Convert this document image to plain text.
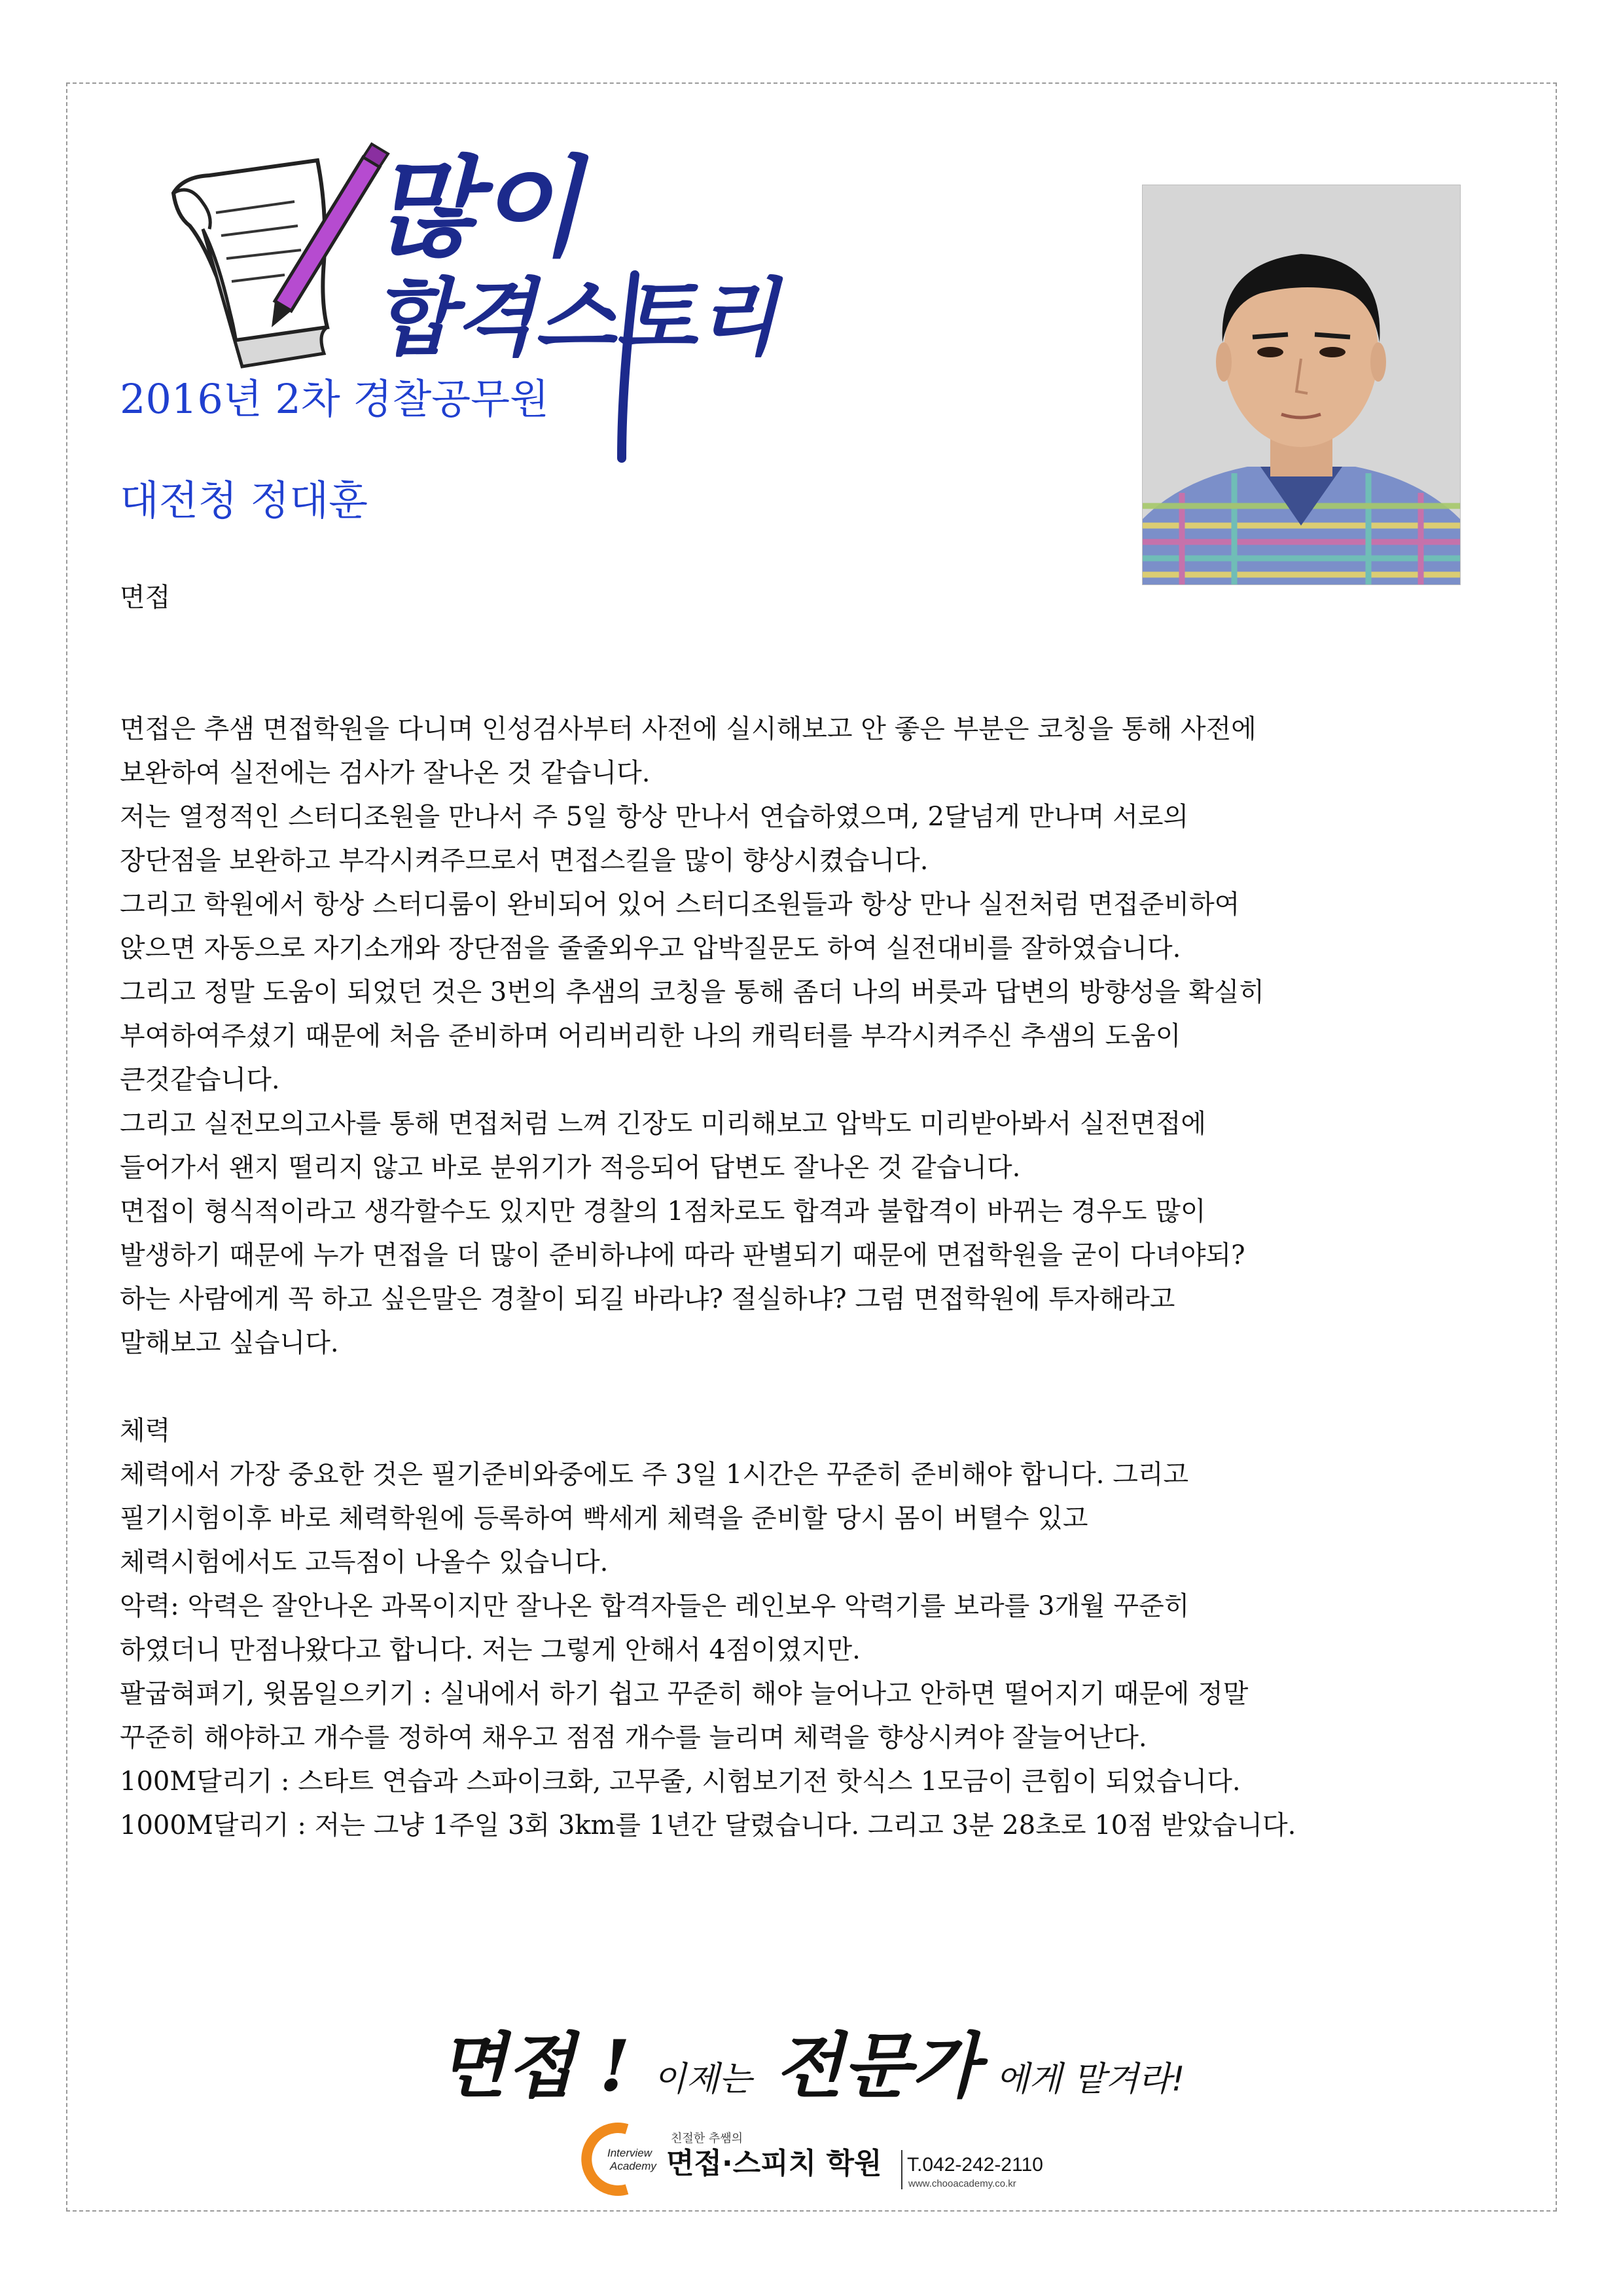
많이
합격스토리
2016년 2차 경찰공무원
대전청 정대훈

면접

면접은 추샘 면접학원을 다니며 인성검사부터 사전에 실시해보고 안 좋은 부분은 코칭을 통해 사전에

보완하여 실전에는 검사가 잘나온 것 같습니다.

저는 열정적인 스터디조원을 만나서 주 5일 항상 만나서 연습하였으며, 2달넘게 만나며 서로의

장단점을 보완하고 부각시켜주므로서 면접스킬을 많이 향상시켰습니다.

그리고 학원에서 항상 스터디룸이 완비되어 있어 스터디조원들과 항상 만나 실전처럼 면접준비하여

앉으면 자동으로 자기소개와 장단점을 줄줄외우고 압박질문도 하여 실전대비를 잘하였습니다.

그리고 정말 도움이 되었던 것은 3번의 추샘의 코칭을 통해 좀더 나의 버릇과 답변의 방향성을 확실히

부여하여주셨기 때문에 처음 준비하며 어리버리한 나의 캐릭터를 부각시켜주신 추샘의 도움이

큰것같습니다.

그리고 실전모의고사를 통해 면접처럼 느껴 긴장도 미리해보고 압박도 미리받아봐서 실전면접에

들어가서 왠지 떨리지 않고 바로 분위기가 적응되어 답변도 잘나온 것 같습니다.

면접이 형식적이라고 생각할수도 있지만 경찰의 1점차로도 합격과 불합격이 바뀌는 경우도 많이

발생하기 때문에 누가 면접을 더 많이 준비하냐에 따라 판별되기 때문에 면접학원을 굳이 다녀야되?

하는 사람에게 꼭 하고 싶은말은 경찰이 되길 바라냐? 절실하냐? 그럼 면접학원에 투자해라고

말해보고 싶습니다.

체력

체력에서 가장 중요한 것은 필기준비와중에도 주 3일 1시간은 꾸준히 준비해야 합니다. 그리고

필기시험이후 바로 체력학원에 등록하여 빡세게 체력을 준비할 당시 몸이 버텰수 있고

체력시험에서도 고득점이 나올수 있습니다.

악력: 악력은 잘안나온 과목이지만 잘나온 합격자들은 레인보우 악력기를 보라를 3개월 꾸준히

하였더니 만점나왔다고 합니다. 저는 그렇게 안해서 4점이였지만.

팔굽혀펴기, 윗몸일으키기 : 실내에서 하기 쉽고 꾸준히 해야 늘어나고 안하면 떨어지기 때문에 정말

꾸준히 해야하고 개수를 정하여 채우고 점점 개수를 늘리며 체력을 향상시켜야 잘늘어난다.

100M달리기 : 스타트 연습과 스파이크화, 고무줄, 시험보기전 핫식스 1모금이 큰힘이 되었습니다.

1000M달리기 : 저는 그냥 1주일 3회 3km를 1년간 달렸습니다. 그리고 3분 28초로 10점 받았습니다.

면접 ! 이제는 전문가 에게 맡겨라!
Interview
Academy
친절한 추쌤의
면접·스피치 학원 T.042-242-2110
www.chooacademy.co.kr
